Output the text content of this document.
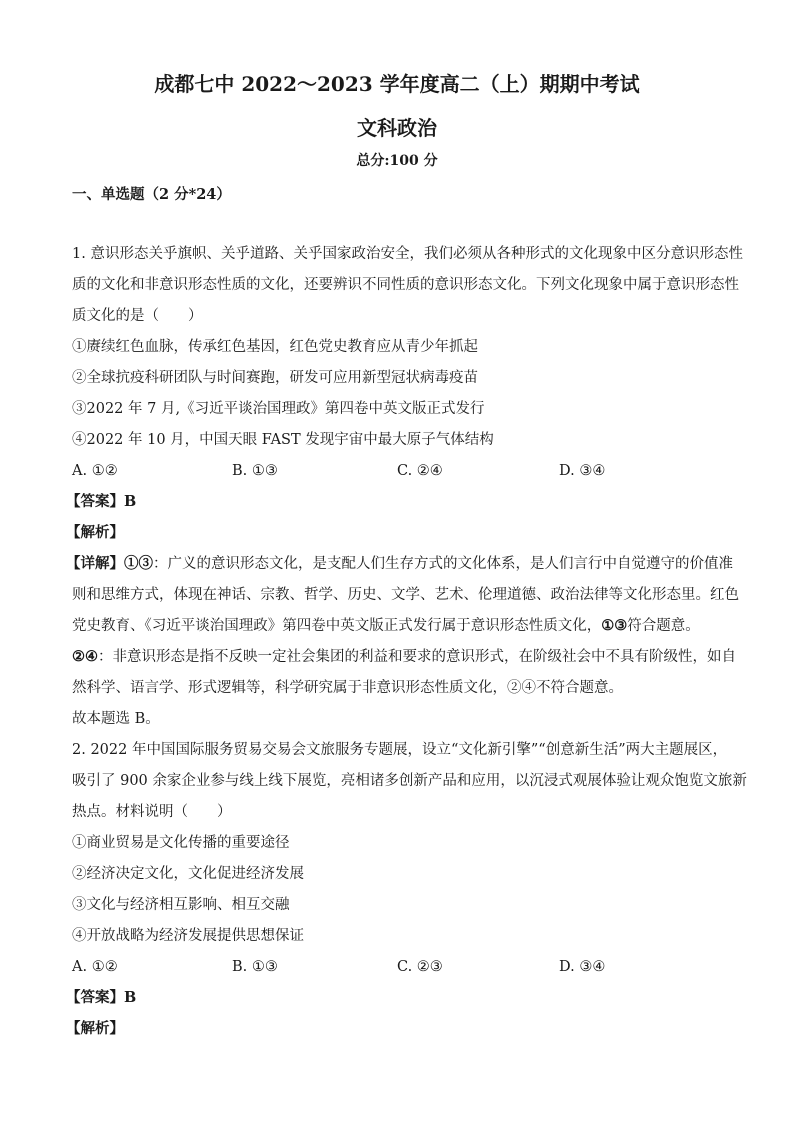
成都七中 2022～2023 学年度高二（上）期期中考试
文科政治
总分:100 分
一、单选题（2 分*24）
1. 意识形态关乎旗帜、关乎道路、关乎国家政治安全，我们必须从各种形式的文化现象中区分意识形态性
质的文化和非意识形态性质的文化，还要辨识不同性质的意识形态文化。下列文化现象中属于意识形态性
质文化的是（　　）
①赓续红色血脉，传承红色基因，红色党史教育应从青少年抓起
②全球抗疫科研团队与时间赛跑，研发可应用新型冠状病毒疫苗
③2022 年 7 月,《习近平谈治国理政》第四卷中英文版正式发行
④2022 年 10 月，中国天眼 FAST 发现宇宙中最大原子气体结构
A. ①②	B. ①③	C. ②④	D. ③④
【答案】B
【解析】
【详解】①③：广义的意识形态文化，是支配人们生存方式的文化体系，是人们言行中自觉遵守的价值准
则和思维方式，体现在神话、宗教、哲学、历史、文学、艺术、伦理道德、政治法律等文化形态里。红色
党史教育、《习近平谈治国理政》第四卷中英文版正式发行属于意识形态性质文化，①③符合题意。
②④：非意识形态是指不反映一定社会集团的利益和要求的意识形式，在阶级社会中不具有阶级性，如自
然科学、语言学、形式逻辑等，科学研究属于非意识形态性质文化，②④不符合题意。
故本题选 B。
2. 2022 年中国国际服务贸易交易会文旅服务专题展，设立“文化新引擎”“创意新生活”两大主题展区，
吸引了 900 余家企业参与线上线下展览，亮相诸多创新产品和应用，以沉浸式观展体验让观众饱览文旅新
热点。材料说明（　　）
①商业贸易是文化传播的重要途径
②经济决定文化，文化促进经济发展
③文化与经济相互影响、相互交融
④开放战略为经济发展提供思想保证
A. ①②	B. ①③	C. ②③	D. ③④
【答案】B
【解析】
